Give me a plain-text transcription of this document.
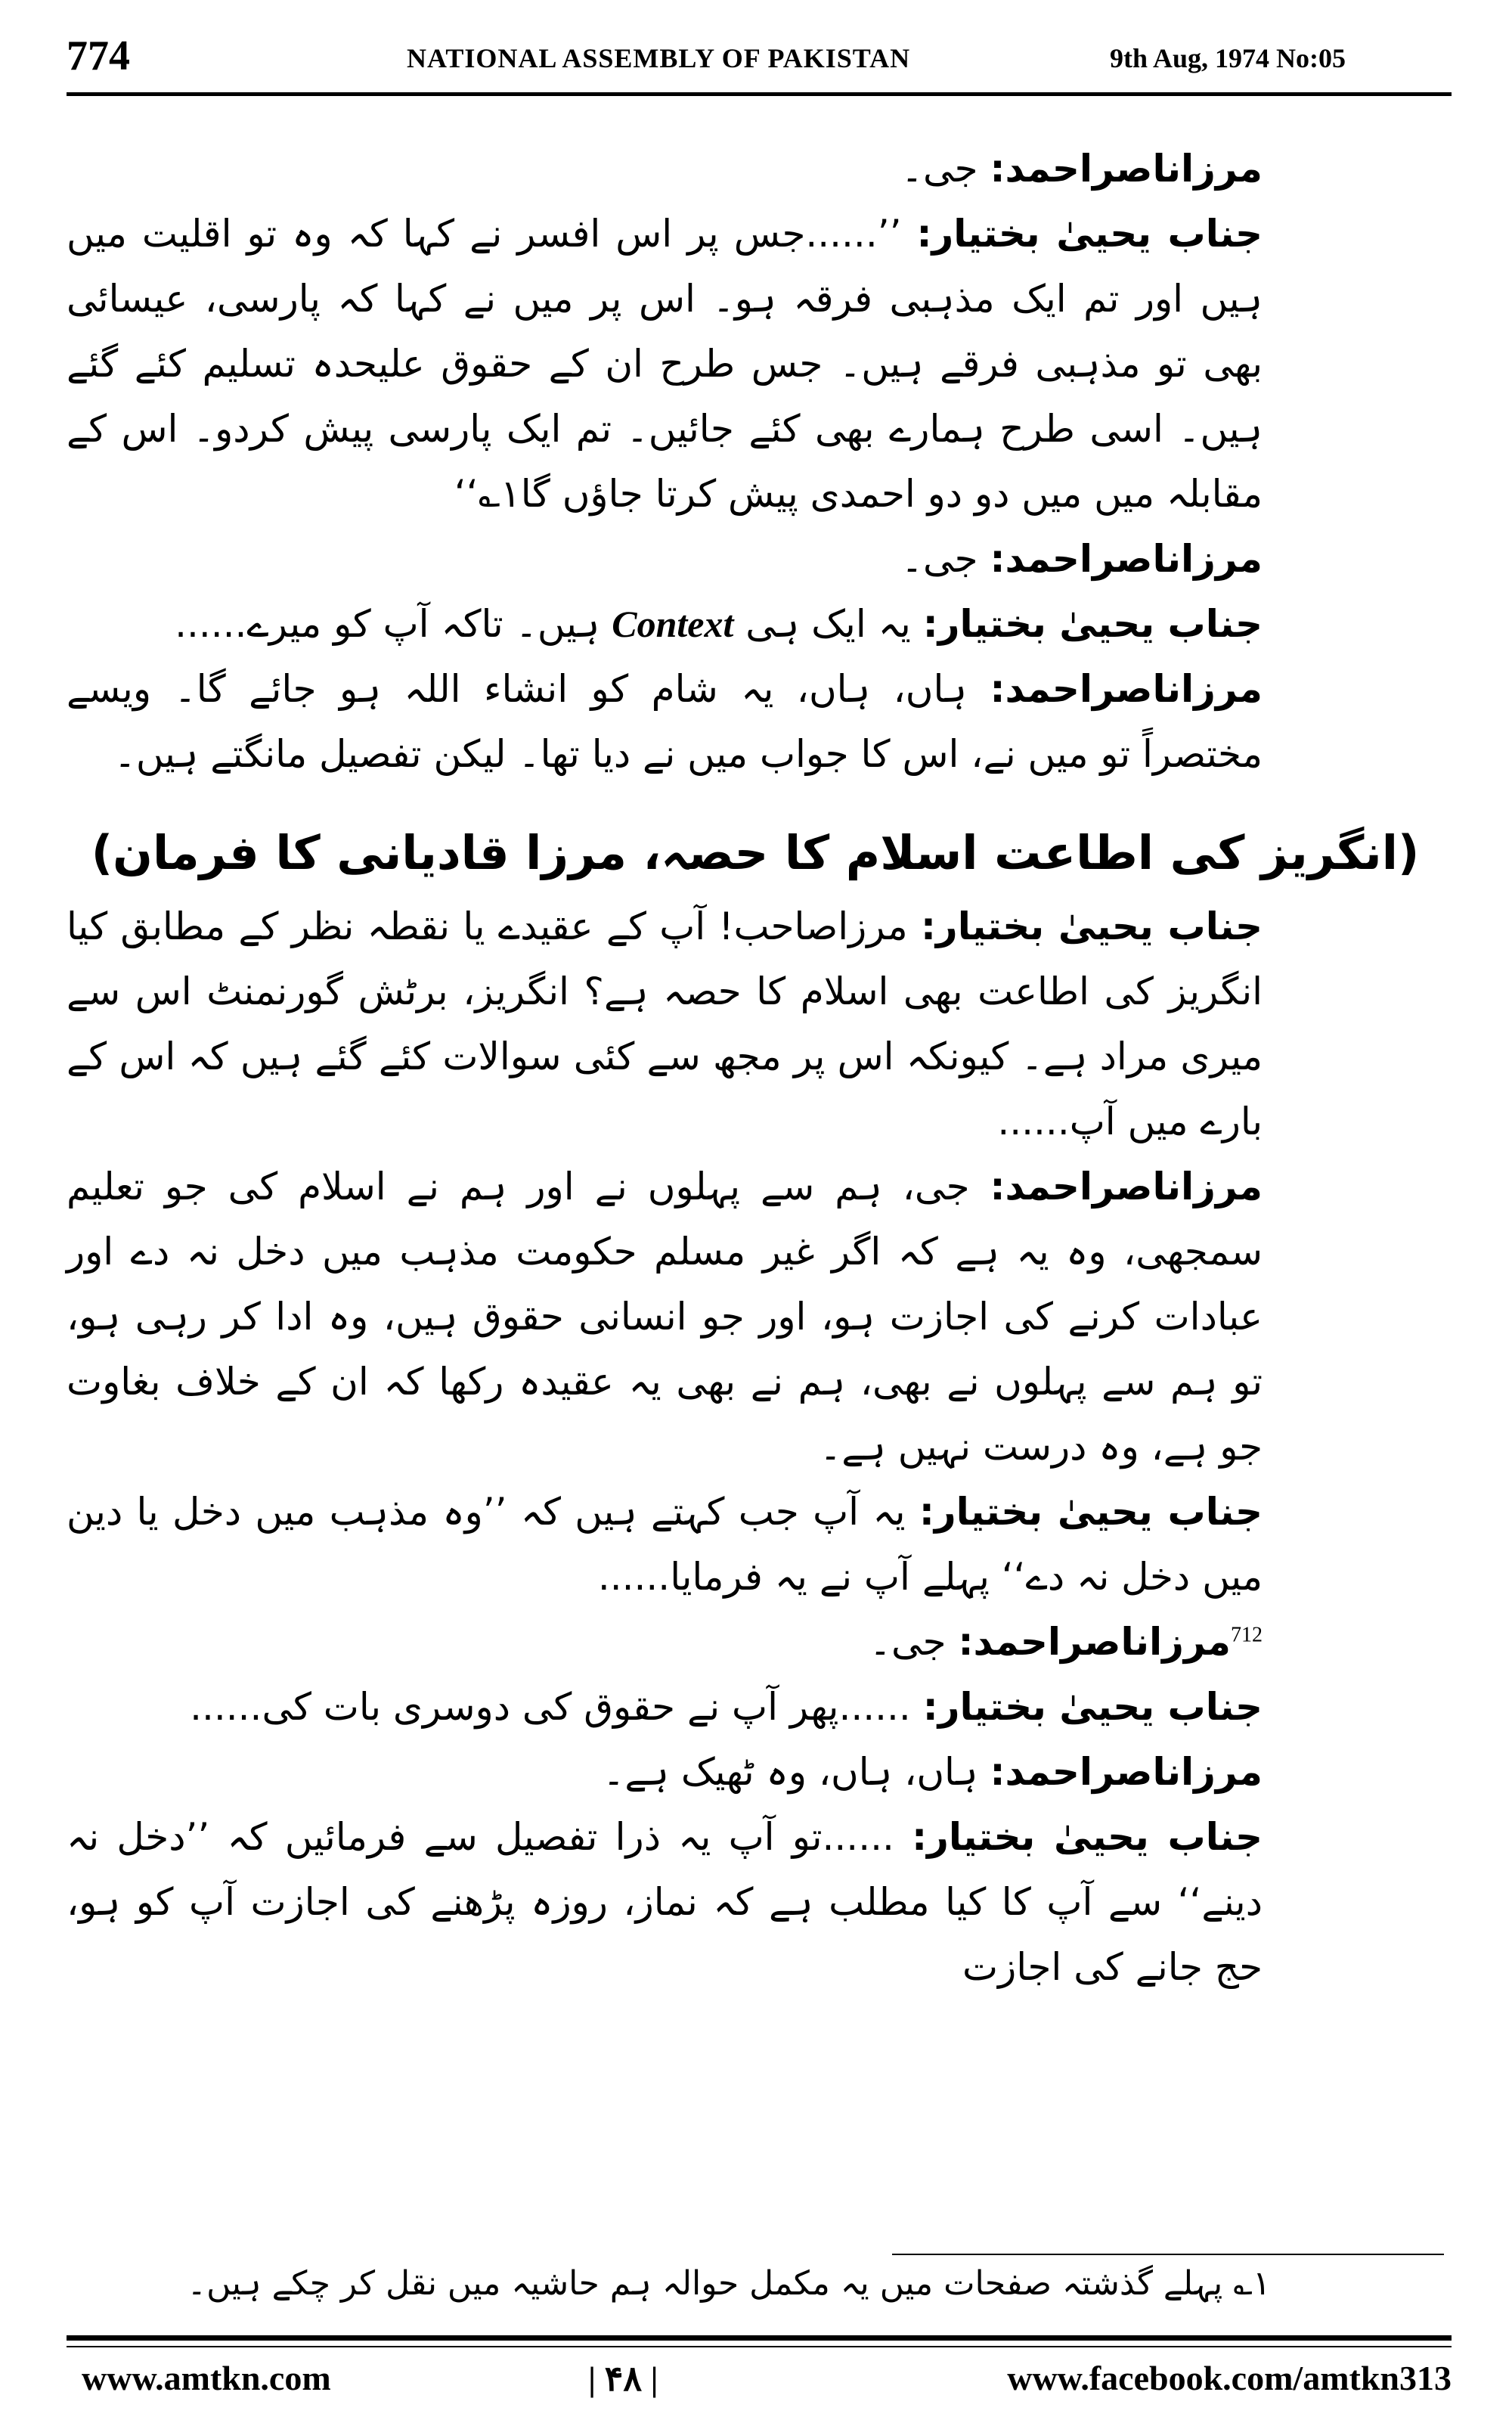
774	NATIONAL ASSEMBLY OF PAKISTAN	9th Aug, 1974 No:05

مرزاناصراحمد: جی۔

جناب یحییٰ بختیار: ’’......جس پر اس افسر نے کہا کہ وہ تو اقلیت میں ہیں اور تم ایک مذہبی فرقہ ہو۔ اس پر میں نے کہا کہ پارسی، عیسائی بھی تو مذہبی فرقے ہیں۔ جس طرح ان کے حقوق علیحدہ تسلیم کئے گئے ہیں۔ اسی طرح ہمارے بھی کئے جائیں۔ تم ایک پارسی پیش کردو۔ اس کے مقابلہ میں میں دو دو احمدی پیش کرتا جاؤں گا۱؎‘‘

مرزاناصراحمد: جی۔

جناب یحییٰ بختیار: یہ ایک ہی Context ہیں۔ تاکہ آپ کو میرے......

مرزاناصراحمد: ہاں، ہاں، یہ شام کو انشاء اللہ ہو جائے گا۔ ویسے مختصراً تو میں نے، اس کا جواب میں نے دیا تھا۔ لیکن تفصیل مانگتے ہیں۔

(انگریز کی اطاعت اسلام کا حصہ، مرزا قادیانی کا فرمان)

جناب یحییٰ بختیار: مرزاصاحب! آپ کے عقیدے یا نقطہ نظر کے مطابق کیا انگریز کی اطاعت بھی اسلام کا حصہ ہے؟ انگریز، برٹش گورنمنٹ اس سے میری مراد ہے۔ کیونکہ اس پر مجھ سے کئی سوالات کئے گئے ہیں کہ اس کے بارے میں آپ......

مرزاناصراحمد: جی، ہم سے پہلوں نے اور ہم نے اسلام کی جو تعلیم سمجھی، وہ یہ ہے کہ اگر غیر مسلم حکومت مذہب میں دخل نہ دے اور عبادات کرنے کی اجازت ہو، اور جو انسانی حقوق ہیں، وہ ادا کر رہی ہو، تو ہم سے پہلوں نے بھی، ہم نے بھی یہ عقیدہ رکھا کہ ان کے خلاف بغاوت جو ہے، وہ درست نہیں ہے۔

جناب یحییٰ بختیار: یہ آپ جب کہتے ہیں کہ ’’وہ مذہب میں دخل یا دین میں دخل نہ دے‘‘ پہلے آپ نے یہ فرمایا......

$^{712}$مرزاناصراحمد: جی۔

جناب یحییٰ بختیار: ......پھر آپ نے حقوق کی دوسری بات کی......

مرزاناصراحمد: ہاں، ہاں، وہ ٹھیک ہے۔

جناب یحییٰ بختیار: ......تو آپ یہ ذرا تفصیل سے فرمائیں کہ ’’دخل نہ دینے‘‘ سے آپ کا کیا مطلب ہے کہ نماز، روزہ پڑھنے کی اجازت آپ کو ہو، حج جانے کی اجازت

۱؎ پہلے گذشتہ صفحات میں یہ مکمل حوالہ ہم حاشیہ میں نقل کر چکے ہیں۔
www.amtkn.com	| ۴۸ |	www.facebook.com/amtkn313
